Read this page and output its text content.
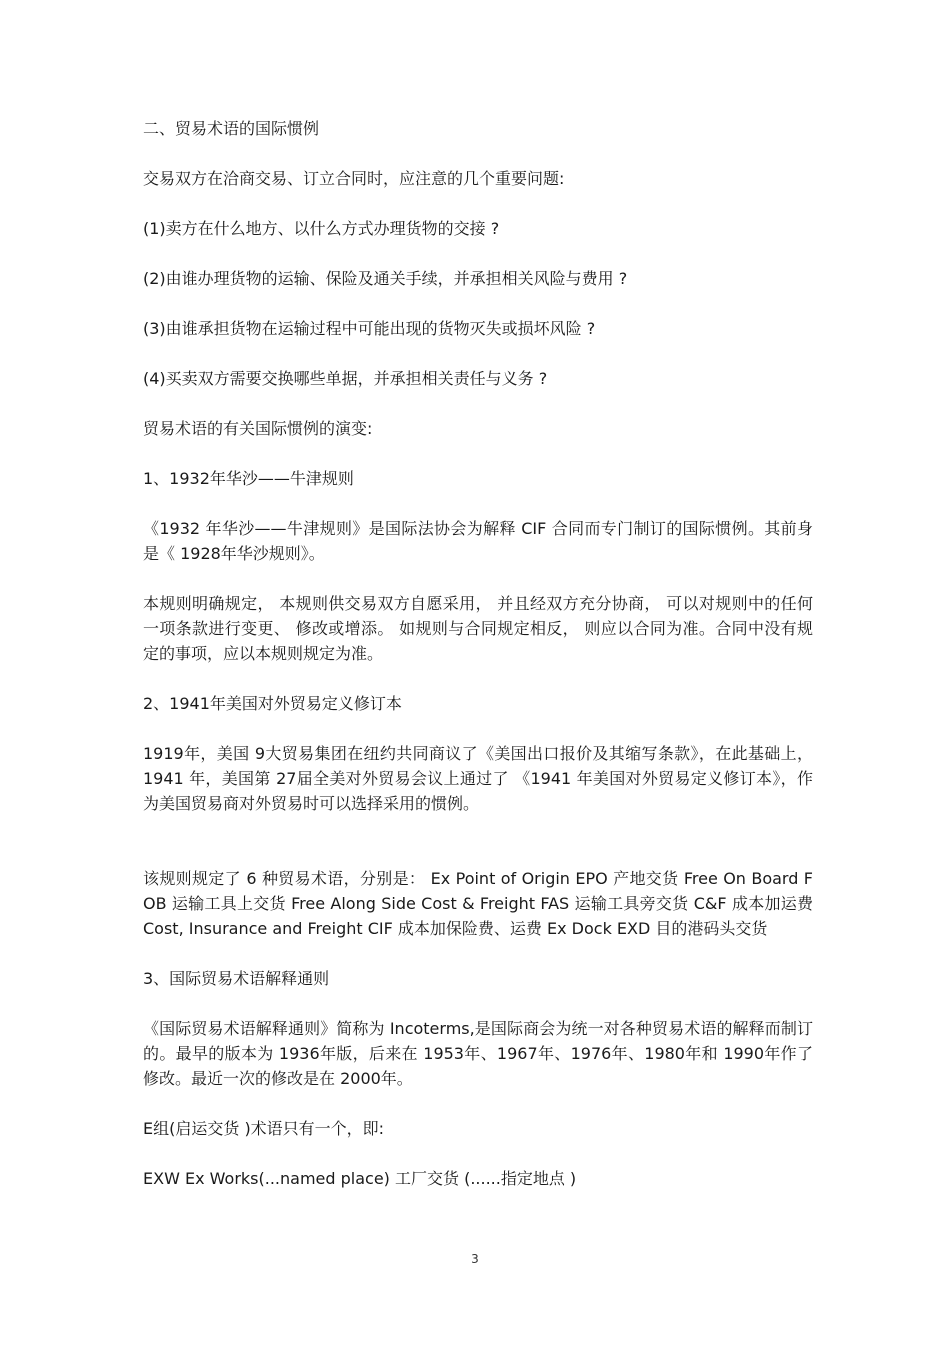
二、贸易术语的国际惯例

交易双方在洽商交易、订立合同时，应注意的几个重要问题:

(1)卖方在什么地方、以什么方式办理货物的交接 ?

(2)由谁办理货物的运输、保险及通关手续，并承担相关风险与费用 ?

(3)由谁承担货物在运输过程中可能出现的货物灭失或损坏风险 ?

(4)买卖双方需要交换哪些单据，并承担相关责任与义务 ?

贸易术语的有关国际惯例的演变:

1、1932年华沙——牛津规则

《1932 年华沙——牛津规则》是国际法协会为解释 CIF 合同而专门制订的国际惯例。其前身是《 1928年华沙规则》。

本规则明确规定， 本规则供交易双方自愿采用， 并且经双方充分协商， 可以对规则中的任何一项条款进行变更、 修改或增添。 如规则与合同规定相反， 则应以合同为准。合同中没有规定的事项，应以本规则规定为准。

2、1941年美国对外贸易定义修订本

1919年，美国 9大贸易集团在纽约共同商议了《美国出口报价及其缩写条款》，在此基础上， 1941 年，美国第 27届全美对外贸易会议上通过了 《1941 年美国对外贸易定义修订本》，作为美国贸易商对外贸易时可以选择采用的惯例。

该规则规定了 6 种贸易术语，分别是： Ex Point of Origin EPO 产地交货 Free On Board FOB 运输工具上交货 Free Along Side Cost & Freight FAS 运输工具旁交货 C&F 成本加运费 Cost, Insurance and Freight CIF 成本加保险费、运费 Ex Dock EXD 目的港码头交货

3、国际贸易术语解释通则

《国际贸易术语解释通则》简称为 Incoterms,是国际商会为统一对各种贸易术语的解释而制订的。最早的版本为 1936年版，后来在 1953年、1967年、1976年、1980年和 1990年作了修改。最近一次的修改是在 2000年。

E组(启运交货 )术语只有一个，即:

EXW Ex Works(...named place) 工厂交货 (......指定地点 )

3
